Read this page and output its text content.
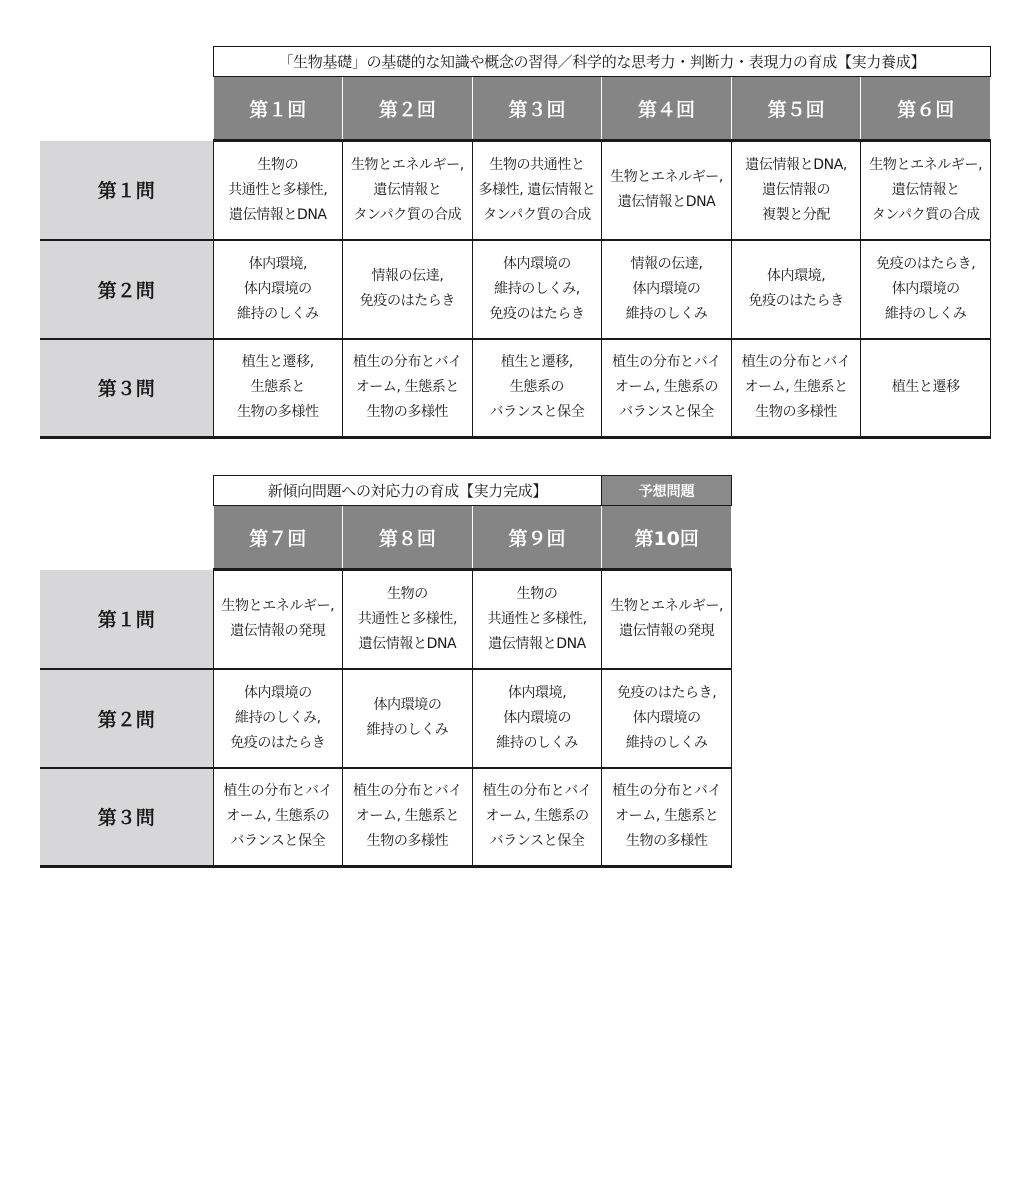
	「生物基礎」の基礎的な知識や概念の習得／科学的な思考力・判断力・表現力の育成【実力養成】					
	第１回	第２回	第３回	第４回	第５回	第６回
第１問	生物の
共通性と多様性,
遺伝情報とDNA	生物とエネルギー,
遺伝情報と
タンパク質の合成	生物の共通性と
多様性, 遺伝情報と
タンパク質の合成	生物とエネルギー,
遺伝情報とDNA	遺伝情報とDNA,
遺伝情報の
複製と分配	生物とエネルギー,
遺伝情報と
タンパク質の合成
第２問	体内環境,
体内環境の
維持のしくみ	情報の伝達,
免疫のはたらき	体内環境の
維持のしくみ,
免疫のはたらき	情報の伝達,
体内環境の
維持のしくみ	体内環境,
免疫のはたらき	免疫のはたらき,
体内環境の
維持のしくみ
第３問	植生と遷移,
生態系と
生物の多様性	植生の分布とバイ
オーム, 生態系と
生物の多様性	植生と遷移,
生態系の
バランスと保全	植生の分布とバイ
オーム, 生態系の
バランスと保全	植生の分布とバイ
オーム, 生態系と
生物の多様性	植生と遷移
	新傾向問題への対応力の育成【実力完成】			予想問題
	第７回	第８回	第９回	第10回
第１問	生物とエネルギー,
遺伝情報の発現	生物の
共通性と多様性,
遺伝情報とDNA	生物の
共通性と多様性,
遺伝情報とDNA	生物とエネルギー,
遺伝情報の発現
第２問	体内環境の
維持のしくみ,
免疫のはたらき	体内環境の
維持のしくみ	体内環境,
体内環境の
維持のしくみ	免疫のはたらき,
体内環境の
維持のしくみ
第３問	植生の分布とバイ
オーム, 生態系の
バランスと保全	植生の分布とバイ
オーム, 生態系と
生物の多様性	植生の分布とバイ
オーム, 生態系の
バランスと保全	植生の分布とバイ
オーム, 生態系と
生物の多様性
